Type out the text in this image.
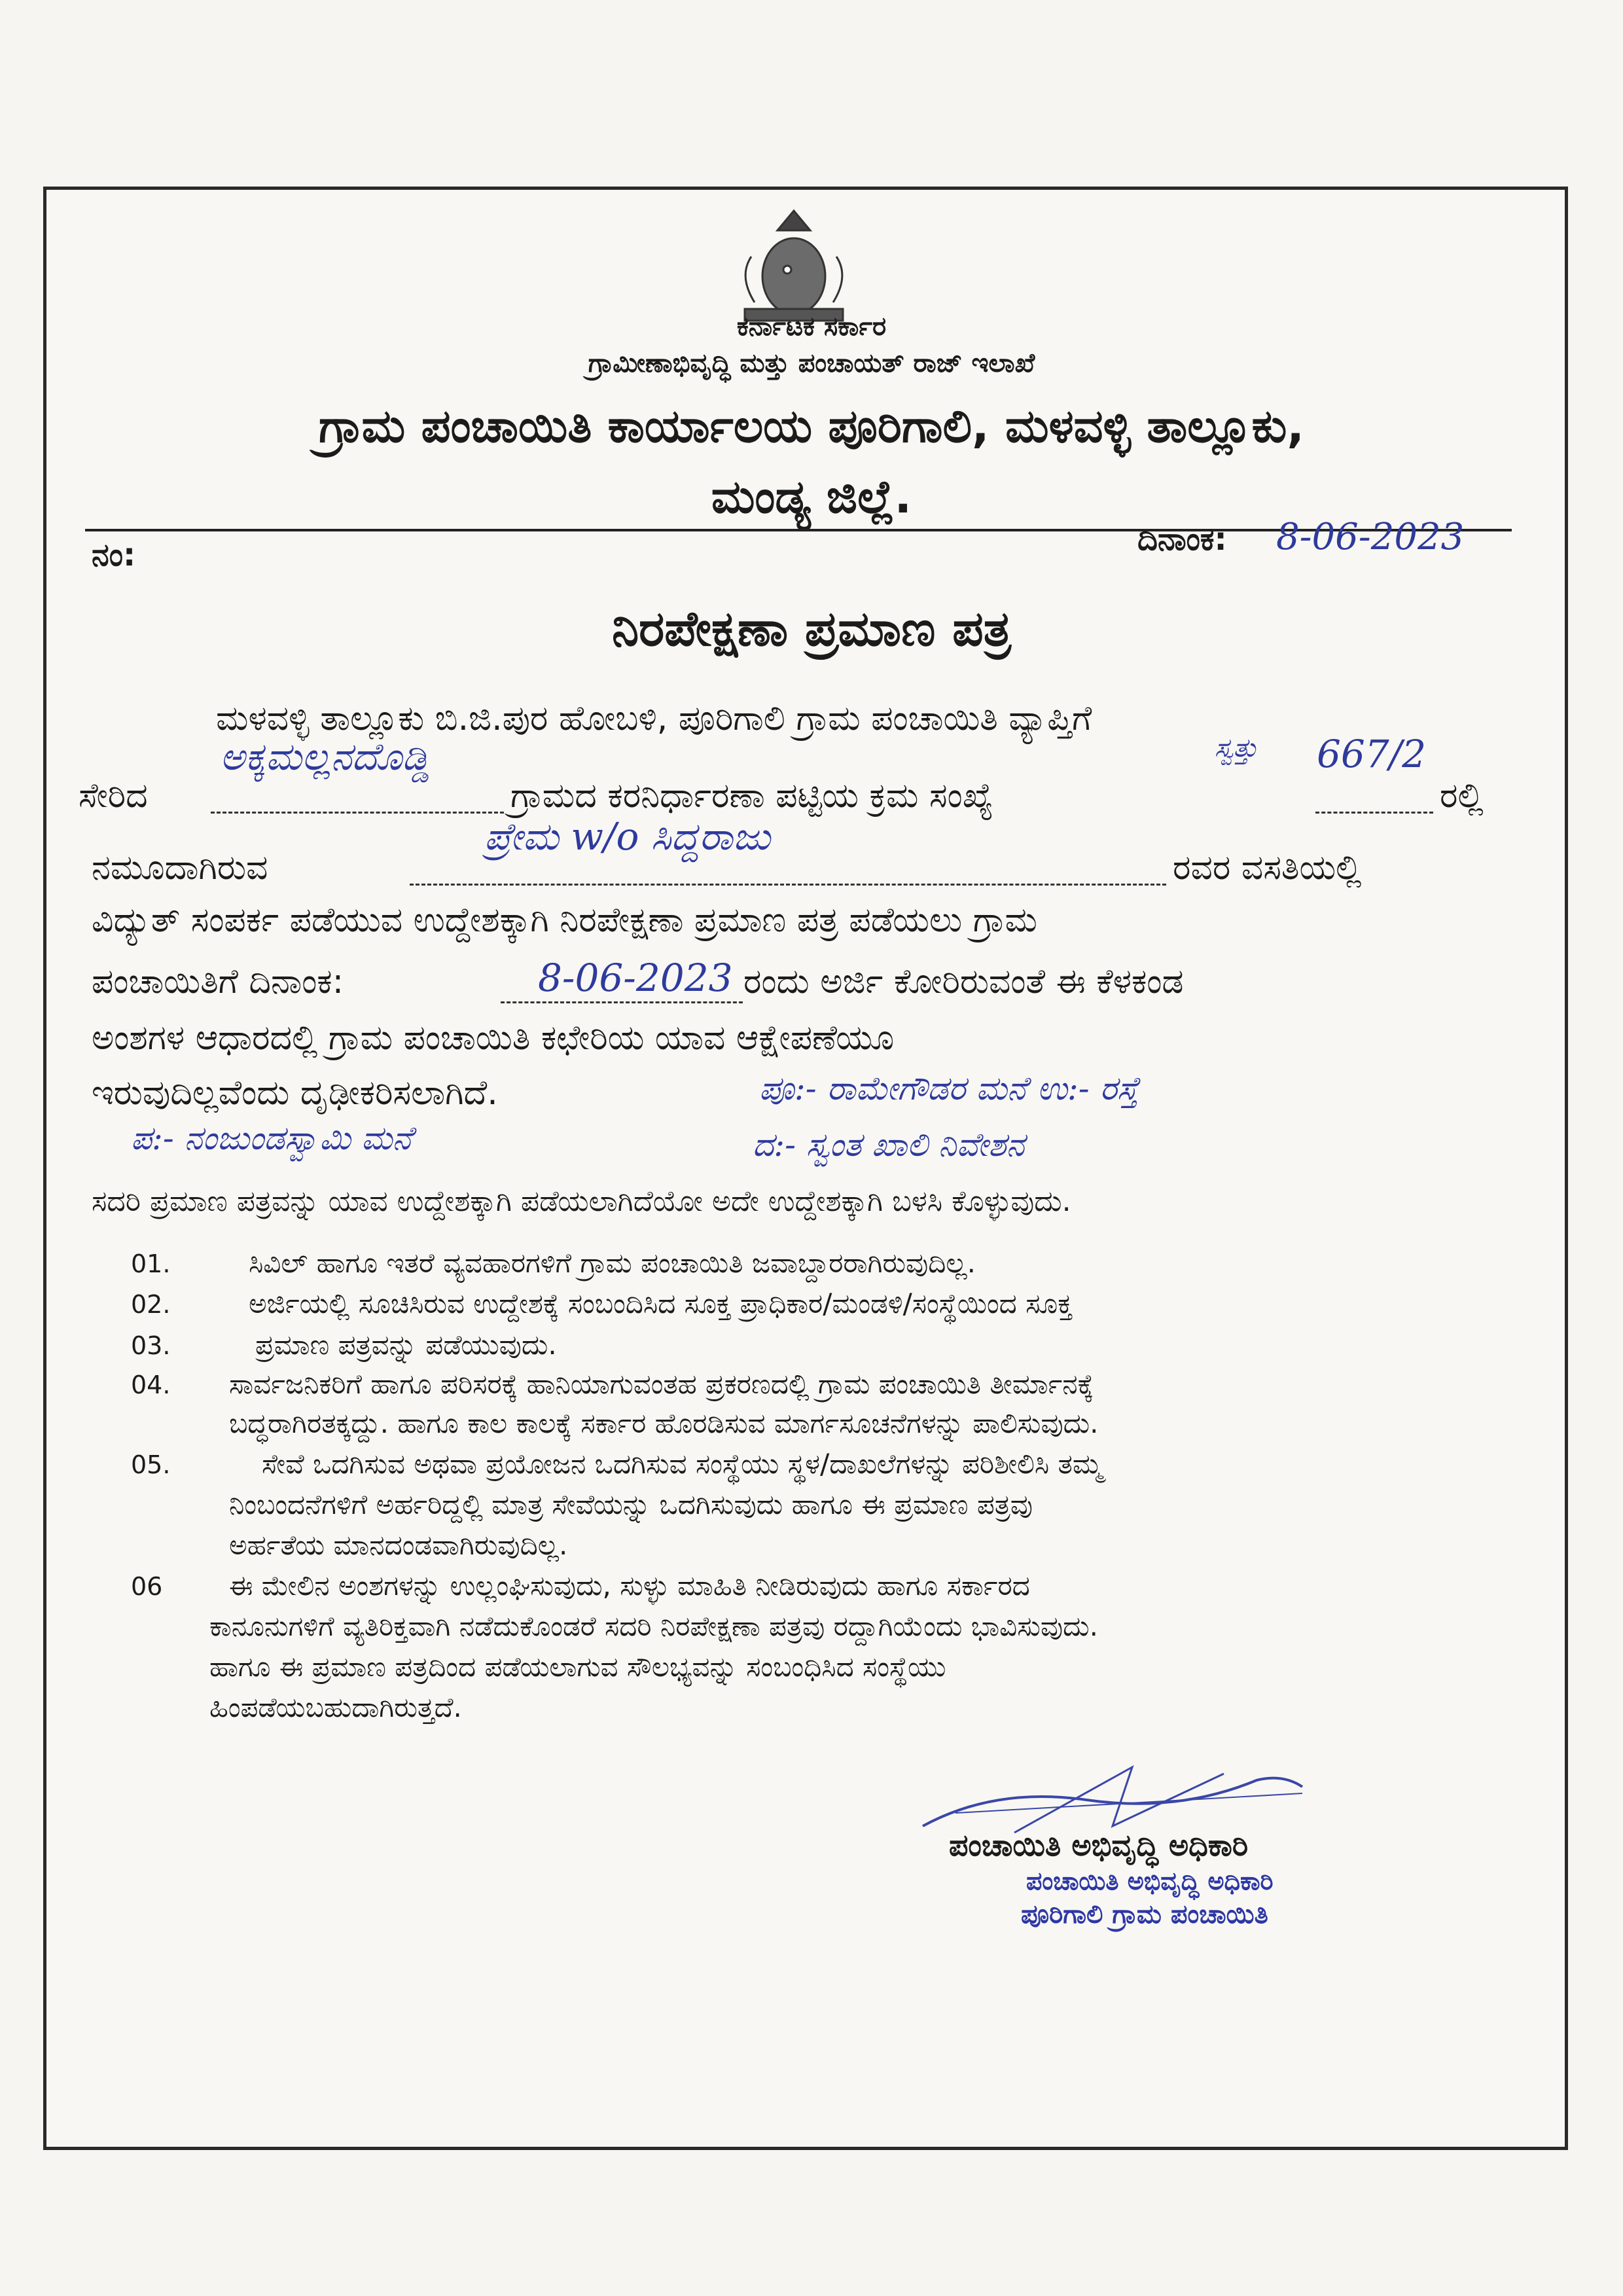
ಕರ್ನಾಟಕ ಸರ್ಕಾರ
ಗ್ರಾಮೀಣಾಭಿವೃದ್ಧಿ ಮತ್ತು ಪಂಚಾಯತ್ ರಾಜ್ ಇಲಾಖೆ
ಗ್ರಾಮ ಪಂಚಾಯಿತಿ ಕಾರ್ಯಾಲಯ ಪೂರಿಗಾಲಿ, ಮಳವಳ್ಳಿ ತಾಲ್ಲೂಕು,
ಮಂಡ್ಯ ಜಿಲ್ಲೆ.
ನಂ:	ದಿನಾಂಕ: 8-06-2023
ನಿರಪೇಕ್ಷಣಾ ಪ್ರಮಾಣ ಪತ್ರ
ಮಳವಳ್ಳಿ ತಾಲ್ಲೂಕು ಬಿ.ಜಿ.ಪುರ ಹೋಬಳಿ, ಪೂರಿಗಾಲಿ ಗ್ರಾಮ ಪಂಚಾಯಿತಿ ವ್ಯಾಪ್ತಿಗೆ
ಸೇರಿದ	ಗ್ರಾಮದ ಕರನಿರ್ಧಾರಣಾ ಪಟ್ಟಿಯ ಕ್ರಮ ಸಂಖ್ಯೆ	ರಲ್ಲಿ
ನಮೂದಾಗಿರುವ	ರವರ ವಸತಿಯಲ್ಲಿ
ವಿದ್ಯುತ್ ಸಂಪರ್ಕ ಪಡೆಯುವ ಉದ್ದೇಶಕ್ಕಾಗಿ ನಿರಪೇಕ್ಷಣಾ ಪ್ರಮಾಣ ಪತ್ರ ಪಡೆಯಲು ಗ್ರಾಮ
ಪಂಚಾಯಿತಿಗೆ ದಿನಾಂಕ:	ರಂದು ಅರ್ಜಿ ಕೋರಿರುವಂತೆ ಈ ಕೆಳಕಂಡ
ಅಂಶಗಳ ಆಧಾರದಲ್ಲಿ ಗ್ರಾಮ ಪಂಚಾಯಿತಿ ಕಛೇರಿಯ ಯಾವ ಆಕ್ಷೇಪಣೆಯೂ
ಇರುವುದಿಲ್ಲವೆಂದು ದೃಢೀಕರಿಸಲಾಗಿದೆ.
ಅಕ್ಕಮಲ್ಲನದೊಡ್ಡಿ	ಸ್ವತ್ತು 667/2
ಪ್ರೇಮ w/o ಸಿದ್ದರಾಜು
8-06-2023
ಪೂ:- ರಾಮೇಗೌಡರ ಮನೆ ಉ:- ರಸ್ತೆ
ಪ:- ನಂಜುಂಡಸ್ವಾಮಿ ಮನೆ	ದ:- ಸ್ವಂತ ಖಾಲಿ ನಿವೇಶನ
ಸದರಿ ಪ್ರಮಾಣ ಪತ್ರವನ್ನು ಯಾವ ಉದ್ದೇಶಕ್ಕಾಗಿ ಪಡೆಯಲಾಗಿದೆಯೋ ಅದೇ ಉದ್ದೇಶಕ್ಕಾಗಿ ಬಳಸಿ ಕೊಳ್ಳುವುದು.
01.	ಸಿವಿಲ್ ಹಾಗೂ ಇತರೆ ವ್ಯವಹಾರಗಳಿಗೆ ಗ್ರಾಮ ಪಂಚಾಯಿತಿ ಜವಾಬ್ದಾರರಾಗಿರುವುದಿಲ್ಲ.
02.	ಅರ್ಜಿಯಲ್ಲಿ ಸೂಚಿಸಿರುವ ಉದ್ದೇಶಕ್ಕೆ ಸಂಬಂದಿಸಿದ ಸೂಕ್ತ ಪ್ರಾಧಿಕಾರ/ಮಂಡಳಿ/ಸಂಸ್ಥೆಯಿಂದ ಸೂಕ್ತ
03.	ಪ್ರಮಾಣ ಪತ್ರವನ್ನು ಪಡೆಯುವುದು.
04. ಸಾರ್ವಜನಿಕರಿಗೆ ಹಾಗೂ ಪರಿಸರಕ್ಕೆ ಹಾನಿಯಾಗುವಂತಹ ಪ್ರಕರಣದಲ್ಲಿ ಗ್ರಾಮ ಪಂಚಾಯಿತಿ ತೀರ್ಮಾನಕ್ಕೆ
ಬದ್ಧರಾಗಿರತಕ್ಕದ್ದು. ಹಾಗೂ ಕಾಲ ಕಾಲಕ್ಕೆ ಸರ್ಕಾರ ಹೊರಡಿಸುವ ಮಾರ್ಗಸೂಚನೆಗಳನ್ನು ಪಾಲಿಸುವುದು.
05.	ಸೇವೆ ಒದಗಿಸುವ ಅಥವಾ ಪ್ರಯೋಜನ ಒದಗಿಸುವ ಸಂಸ್ಥೆಯು ಸ್ಥಳ/ದಾಖಲೆಗಳನ್ನು ಪರಿಶೀಲಿಸಿ ತಮ್ಮ
ನಿಂಬಂದನೆಗಳಿಗೆ ಅರ್ಹರಿದ್ದಲ್ಲಿ ಮಾತ್ರ ಸೇವೆಯನ್ನು ಒದಗಿಸುವುದು ಹಾಗೂ ಈ ಪ್ರಮಾಣ ಪತ್ರವು
ಅರ್ಹತೆಯ ಮಾನದಂಡವಾಗಿರುವುದಿಲ್ಲ.
06 ಈ ಮೇಲಿನ ಅಂಶಗಳನ್ನು ಉಲ್ಲಂಘಿಸುವುದು, ಸುಳ್ಳು ಮಾಹಿತಿ ನೀಡಿರುವುದು ಹಾಗೂ ಸರ್ಕಾರದ
ಕಾನೂನುಗಳಿಗೆ ವ್ಯತಿರಿಕ್ತವಾಗಿ ನಡೆದುಕೊಂಡರೆ ಸದರಿ ನಿರಪೇಕ್ಷಣಾ ಪತ್ರವು ರದ್ದಾಗಿಯೆಂದು ಭಾವಿಸುವುದು.
ಹಾಗೂ ಈ ಪ್ರಮಾಣ ಪತ್ರದಿಂದ ಪಡೆಯಲಾಗುವ ಸೌಲಭ್ಯವನ್ನು ಸಂಬಂಧಿಸಿದ ಸಂಸ್ಥೆಯು
ಹಿಂಪಡೆಯಬಹುದಾಗಿರುತ್ತದೆ.
ಪಂಚಾಯಿತಿ ಅಭಿವೃದ್ಧಿ ಅಧಿಕಾರಿ
ಪಂಚಾಯಿತಿ ಅಭಿವೃದ್ಧಿ ಅಧಿಕಾರಿ
ಪೂರಿಗಾಲಿ ಗ್ರಾಮ ಪಂಚಾಯಿತಿ
